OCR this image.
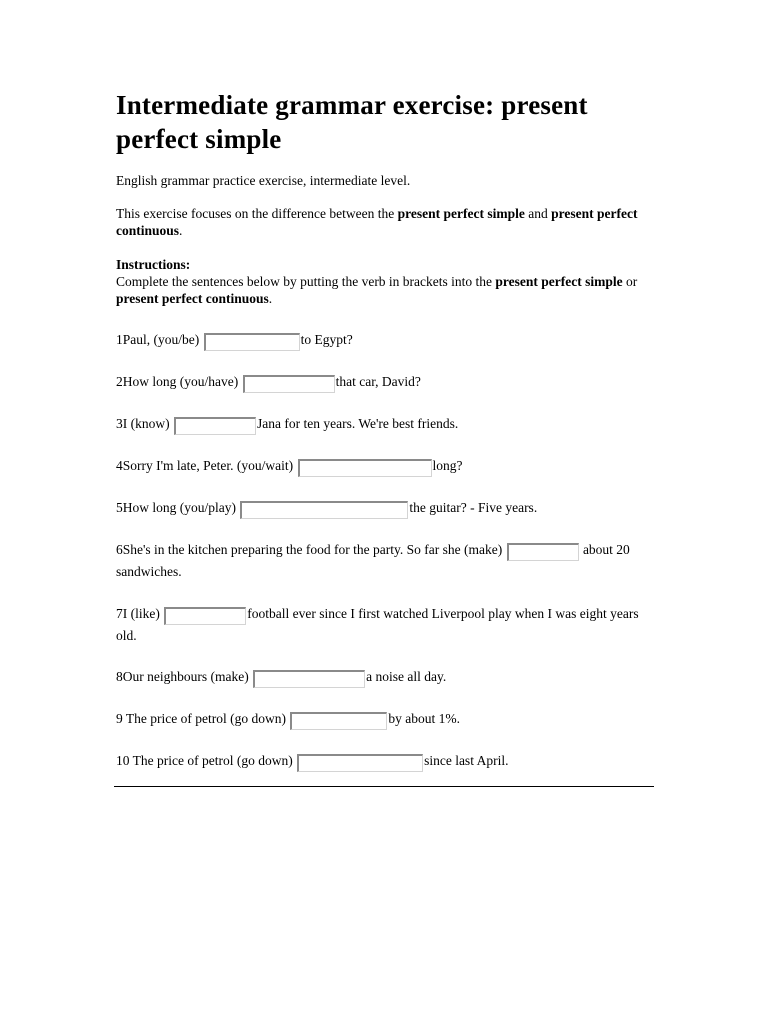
Intermediate grammar exercise: present perfect simple

English grammar practice exercise, intermediate level.

This exercise focuses on the difference between the present perfect simple and present perfect continuous.

Instructions:
Complete the sentences below by putting the verb in brackets into the present perfect simple or present perfect continuous.

1Paul, (you/be)	to Egypt?
2How long (you/have)	that car, David?
3I (know)	Jana for ten years. We're best friends.
4Sorry I'm late, Peter. (you/wait)	long?
5How long (you/play)	the guitar? - Five years.
6She's in the kitchen preparing the food for the party. So far she (make)	about 20 sandwiches.
7I (like)	football ever since I first watched Liverpool play when I was eight years old.
8Our neighbours (make)	a noise all day.
9 The price of petrol (go down)	by about 1%.
10 The price of petrol (go down)	since last April.
